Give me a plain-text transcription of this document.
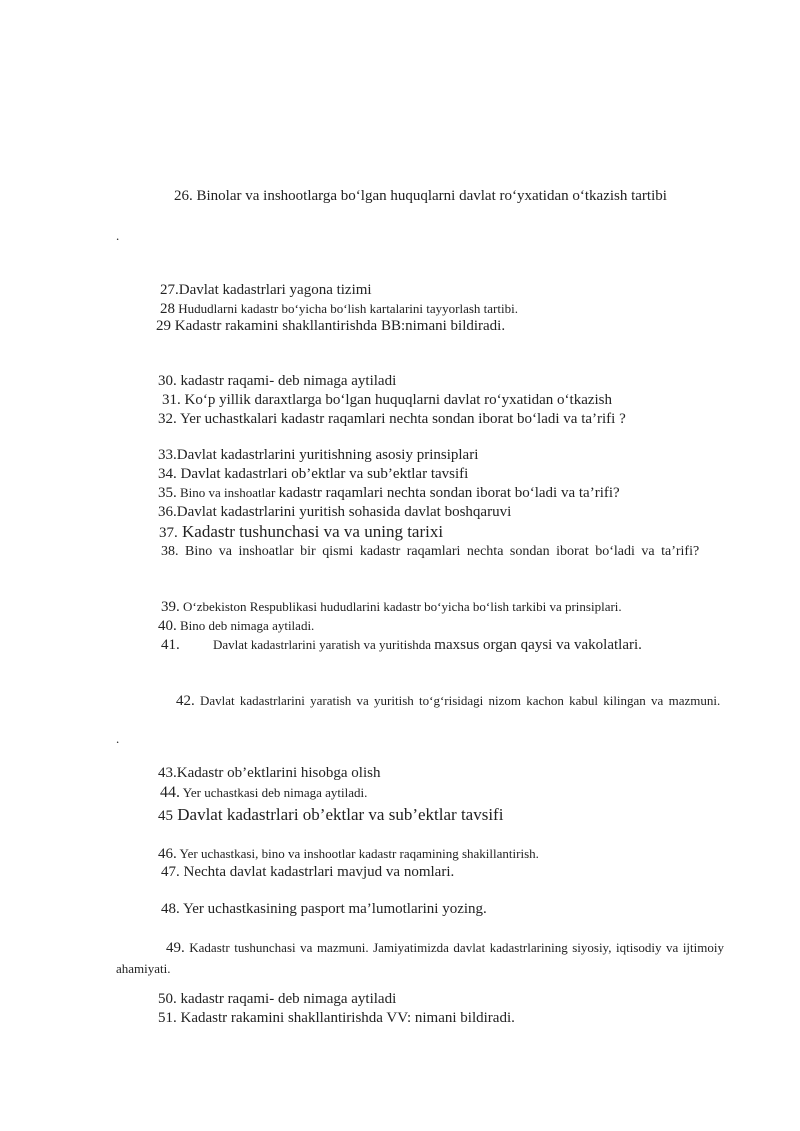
26. Binolar va inshootlarga bo‘lgan huquqlarni davlat ro‘yxatidan o‘tkazish tartibi
.
27.Davlat kadastrlari yagona tizimi
28 Hududlarni kadastr bo‘yicha bo‘lish kartalarini tayyorlash tartibi.
29 Kadastr rakamini shakllantirishda BB:nimani bildiradi.
30. kadastr raqami- deb nimaga aytiladi
31. Ko‘p yillik daraxtlarga bo‘lgan huquqlarni davlat ro‘yxatidan o‘tkazish
32. Yer uchastkalari kadastr raqamlari nechta sondan iborat bo‘ladi va ta’rifi ?
33.Davlat kadastrlarini yuritishning asosiy prinsiplari
34. Davlat kadastrlari ob’ektlar va sub’ektlar tavsifi
35. Bino va inshoatlar kadastr raqamlari nechta sondan iborat bo‘ladi va ta’rifi?
36.Davlat kadastrlarini yuritish sohasida davlat boshqaruvi
37. Kadastr tushunchasi va va uning tarixi
38. Bino va inshoatlar bir qismi kadastr raqamlari nechta sondan iborat bo‘ladi va ta’rifi?
39. O‘zbekiston Respublikasi hududlarini kadastr bo‘yicha bo‘lish tarkibi va prinsiplari.
40. Bino deb nimaga aytiladi.
41.	Davlat kadastrlarini yaratish va yuritishda maxsus organ qaysi va vakolatlari.
42. Davlat kadastrlarini yaratish va yuritish to‘g‘risidagi nizom kachon kabul kilingan va mazmuni.
.
43.Kadastr ob’ektlarini hisobga olish
44. Yer uchastkasi deb nimaga aytiladi.
45 Davlat kadastrlari ob’ektlar va sub’ektlar tavsifi
46. Yer uchastkasi, bino va inshootlar kadastr raqamining shakillantirish.
47. Nechta davlat kadastrlari mavjud va nomlari.
48. Yer uchastkasining pasport ma’lumotlarini yozing.
49. Kadastr tushunchasi va mazmuni. Jamiyatimizda davlat kadastrlarining siyosiy, iqtisodiy va ijtimoiy ahamiyati.
50. kadastr raqami- deb nimaga aytiladi
51. Kadastr rakamini shakllantirishda VV: nimani bildiradi.
